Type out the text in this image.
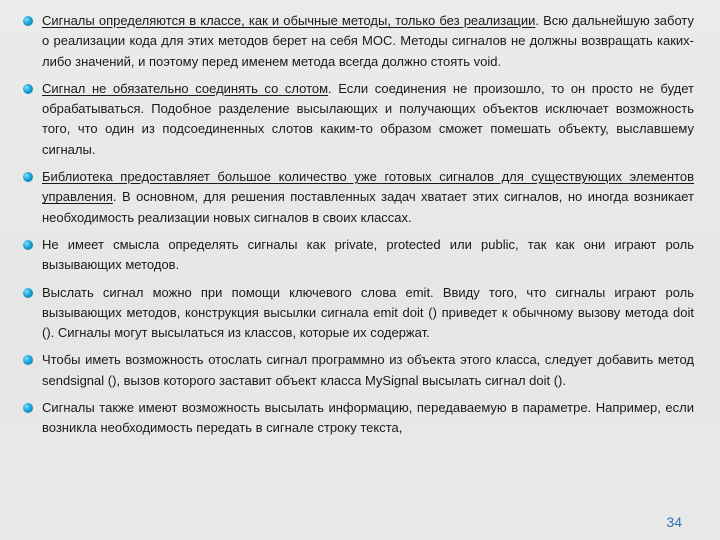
Сигналы определяются в классе, как и обычные методы, только без реализации. Всю дальнейшую заботу о реализации кода для этих методов берет на себя МОС. Методы сигналов не должны возвращать каких-либо значений, и поэтому перед именем метода всегда должно стоять void.

Сигнал не обязательно соединять со слотом. Если соединения не произошло, то он просто не будет обрабатываться. Подобное разделение высылающих и получающих объектов исключает возможность того, что один из подсоединенных слотов каким-то образом сможет помешать объекту, выславшему сигналы.

Библиотека предоставляет большое количество уже готовых сигналов для существующих элементов управления. В основном, для решения поставленных задач хватает этих сигналов, но иногда возникает необходимость реализации новых сигналов в своих классах.

Не имеет смысла определять сигналы как private, protected или public, так как они играют роль вызывающих методов.

Выслать сигнал можно при помощи ключевого слова emit. Ввиду того, что сигналы играют роль вызывающих методов, конструкция высылки сигнала emit doit () приведет к обычному вызову метода doit (). Сигналы могут высылаться из классов, которые их содержат.

Чтобы иметь возможность отослать сигнал программно из объекта этого класса, следует добавить метод sendsignal (), вызов которого заставит объект класса MySignal высылать сигнал doit ().

Сигналы также имеют возможность высылать информацию, передаваемую в параметре. Например, если возникла необходимость передать в сигнале строку текста,

34
